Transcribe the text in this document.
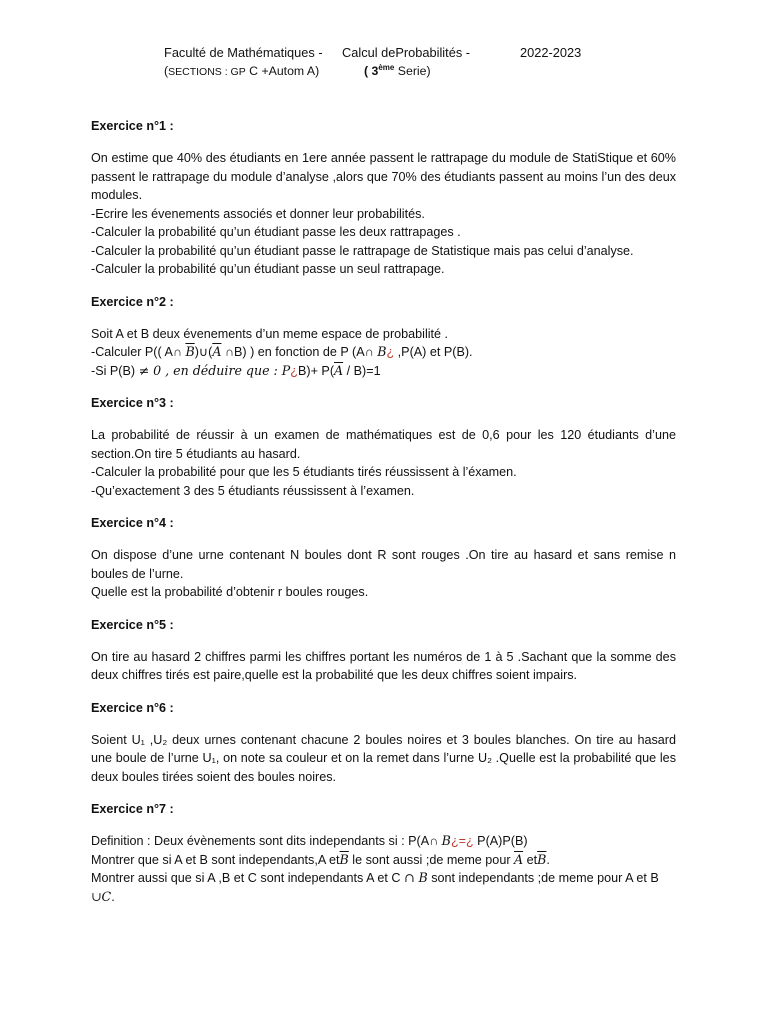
Faculté de Mathématiques - Calcul deProbabilités -	2022-2023
(SECTIONS : GP C +Autom A)	( 3ème Serie)
Exercice n°1 :

On estime que 40% des étudiants en 1ere année passent le rattrapage du module de StatiStique et 60% passent le rattrapage du module d’analyse ,alors que 70% des étudiants passent au moins l’un des deux modules.

-Ecrire les évenements associés et donner leur probabilités.

-Calculer la probabilité qu’un étudiant passe les deux rattrapages .

-Calculer la probabilité qu’un étudiant passe le rattrapage de Statistique mais pas celui d’analyse.

-Calculer la probabilité qu’un étudiant passe un seul rattrapage.

Exercice n°2 :

Soit A et B deux évenements d’un meme espace de probabilité .

-Calculer P(( A∩ $\overline{B})\cup(\overline{A}$ ∩B) ) en fonction de P (A∩ B¿ ,P(A) et P(B).

-Si P(B) ≠ 0 , en déduire que : P¿B)+ $P(\overline{A} / B)=1$

Exercice n°3 :

La probabilité de réussir à un examen de mathématiques est de 0,6 pour les 120 étudiants d’une section.On tire 5 étudiants au hasard.

-Calculer la probabilité pour que les 5 étudiants tirés réussissent à l’éxamen.

-Qu’exactement 3 des 5 étudiants réussissent à l’examen.

Exercice n°4 :

On dispose d’une urne contenant N boules dont R sont rouges .On tire au hasard et sans remise n boules de l’urne.

Quelle est la probabilité d’obtenir r boules rouges.

Exercice n°5 :

On tire au hasard 2 chiffres parmi les chiffres portant les numéros de 1 à 5 .Sachant que la somme des deux chiffres tirés est paire,quelle est la probabilité que les deux chiffres soient impairs.

Exercice n°6 :

Soient U₁ ,U₂ deux urnes contenant chacune 2 boules noires et 3 boules blanches. On tire au hasard une boule de l’urne U₁, on note sa couleur et on la remet dans l’urne U₂ .Quelle est la probabilité que les deux boules tirées soient des boules noires.

Exercice n°7 :

Definition : Deux évènements sont dits independants si : P(A∩ B¿=¿ P(A)P(B)

Montrer que si A et B sont independants,A $et\overline{B}$ le sont aussi ;de meme pour $\overline{A}$ $et\overline{B}$.

Montrer aussi que si A ,B et C sont independants A et C ∩ B sont independants ;de meme pour A et B ∪C.
